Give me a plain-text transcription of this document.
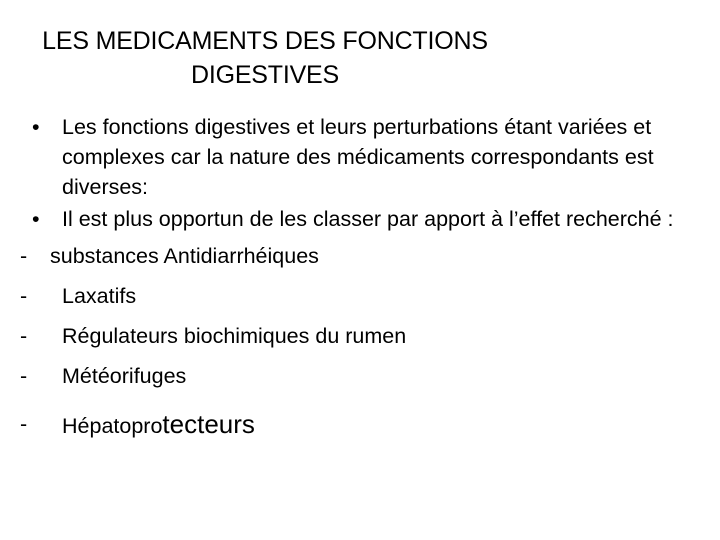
LES MEDICAMENTS DES FONCTIONS
DIGESTIVES
• Les fonctions digestives et leurs perturbations étant variées et complexes car la nature des médicaments correspondants est diverses:
• Il est plus opportun de les classer par apport à l’effet recherché :
- substances Antidiarrhéiques
- Laxatifs
- Régulateurs biochimiques du rumen
- Météorifuges
- Hépatoprotecteurs
